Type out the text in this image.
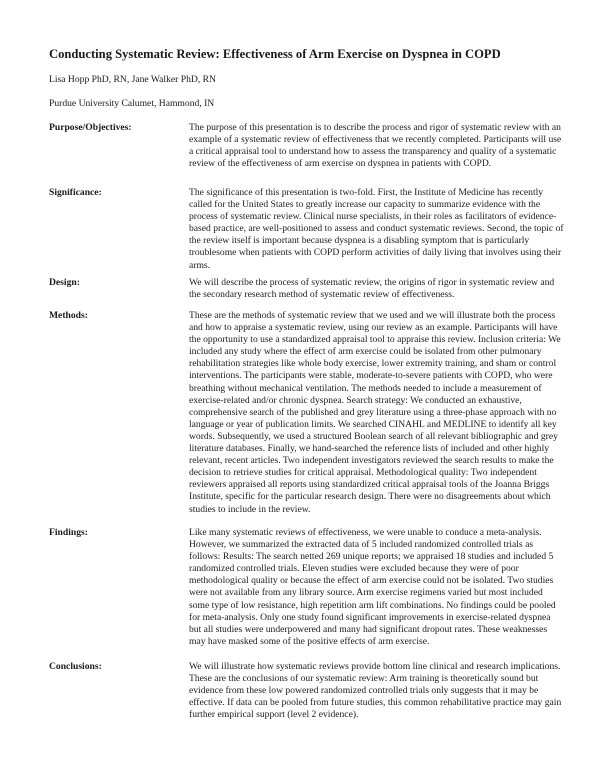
Conducting Systematic Review: Effectiveness of Arm Exercise on Dyspnea in COPD
Lisa Hopp PhD, RN, Jane Walker PhD, RN
Purdue University Calumet, Hammond, IN
Purpose/Objectives:	The purpose of this presentation is to describe the process and rigor of systematic review with an example of a systematic review of effectiveness that we recently completed. Participants will use a critical appraisal tool to understand how to assess the transparency and quality of a systematic review of the effectiveness of arm exercise on dyspnea in patients with COPD.
Significance:	The significance of this presentation is two-fold. First, the Institute of Medicine has recently called for the United States to greatly increase our capacity to summarize evidence with the process of systematic review. Clinical nurse specialists, in their roles as facilitators of evidence-based practice, are well-positioned to assess and conduct systematic reviews. Second, the topic of the review itself is important because dyspnea is a disabling symptom that is particularly troublesome when patients with COPD perform activities of daily living that involves using their arms.
Design:	We will describe the process of systematic review, the origins of rigor in systematic review and the secondary research method of systematic review of effectiveness.
Methods:	These are the methods of systematic review that we used and we will illustrate both the process and how to appraise a systematic review, using our review as an example. Participants will have the opportunity to use a standardized appraisal tool to appraise this review. Inclusion criteria: We included any study where the effect of arm exercise could be isolated from other pulmonary rehabilitation strategies like whole body exercise, lower extremity training, and sham or control interventions. The participants were stable, moderate-to-severe patients with COPD, who were breathing without mechanical ventilation. The methods needed to include a measurement of exercise-related and/or chronic dyspnea. Search strategy: We conducted an exhaustive, comprehensive search of the published and grey literature using a three-phase approach with no language or year of publication limits. We searched CINAHL and MEDLINE to identify all key words. Subsequently, we used a structured Boolean search of all relevant bibliographic and grey literature databases. Finally, we hand-searched the reference lists of included and other highly relevant, recent articles. Two independent investigators reviewed the search results to make the decision to retrieve studies for critical appraisal. Methodological quality: Two independent reviewers appraised all reports using standardized critical appraisal tools of the Joanna Briggs Institute, specific for the particular research design. There were no disagreements about which studies to include in the review.
Findings:	Like many systematic reviews of effectiveness, we were unable to conduce a meta-analysis. However, we summarized the extracted data of 5 included randomized controlled trials as follows: Results: The search netted 269 unique reports; we appraised 18 studies and included 5 randomized controlled trials. Eleven studies were excluded because they were of poor methodological quality or because the effect of arm exercise could not be isolated. Two studies were not available from any library source. Arm exercise regimens varied but most included some type of low resistance, high repetition arm lift combinations. No findings could be pooled for meta-analysis. Only one study found significant improvements in exercise-related dyspnea but all studies were underpowered and many had significant dropout rates. These weaknesses may have masked some of the positive effects of arm exercise.
Conclusions:	We will illustrate how systematic reviews provide bottom line clinical and research implications. These are the conclusions of our systematic review: Arm training is theoretically sound but evidence from these low powered randomized controlled trials only suggests that it may be effective. If data can be pooled from future studies, this common rehabilitative practice may gain further empirical support (level 2 evidence).
